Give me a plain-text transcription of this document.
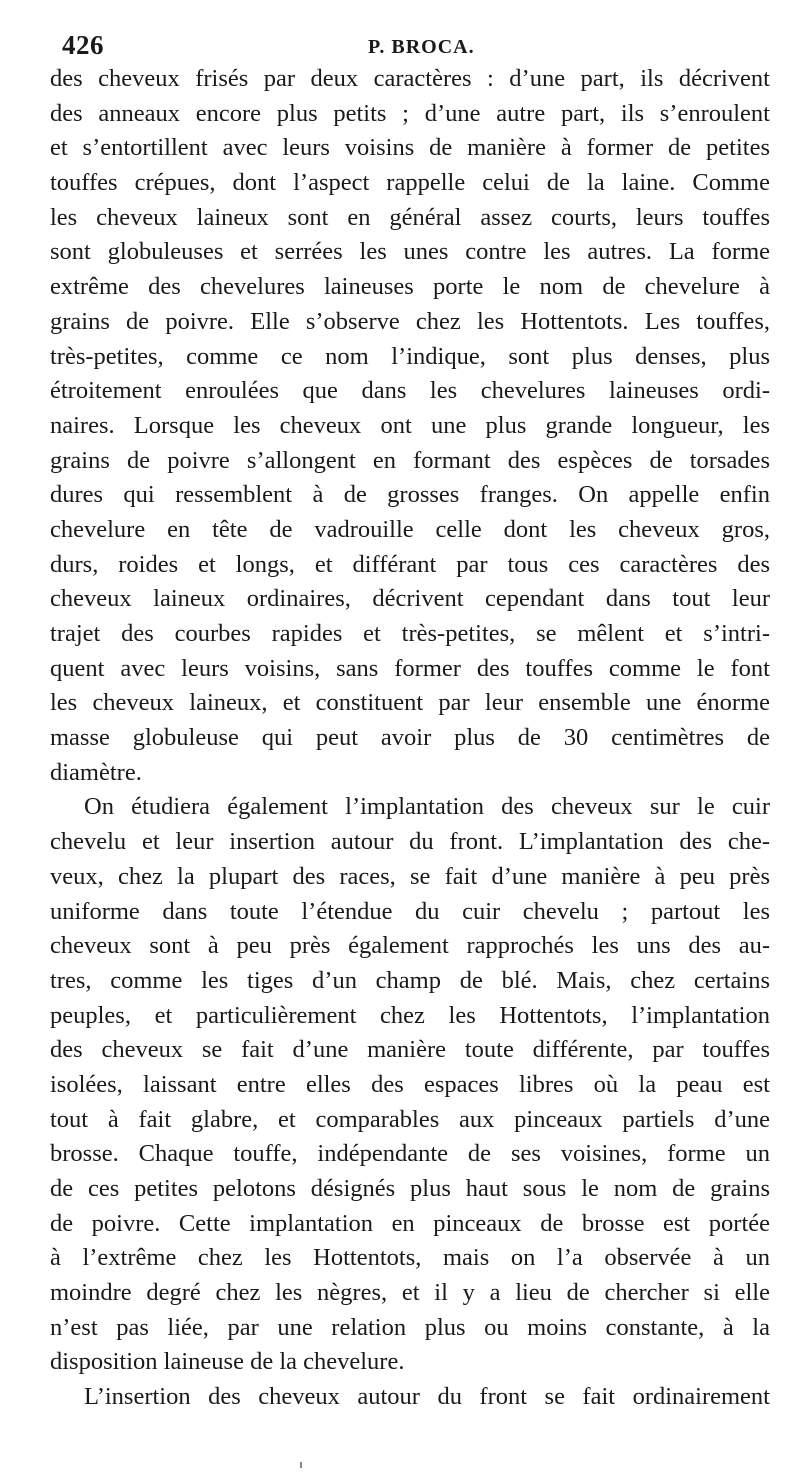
426	P. BROCA.
des cheveux frisés par deux caractères : d’une part, ils décrivent
des anneaux encore plus petits ; d’une autre part, ils s’enroulent
et s’entortillent avec leurs voisins de manière à former de petites
touffes crépues, dont l’aspect rappelle celui de la laine. Comme
les cheveux laineux sont en général assez courts, leurs touffes
sont globuleuses et serrées les unes contre les autres. La forme
extrême des chevelures laineuses porte le nom de chevelure à
grains de poivre. Elle s’observe chez les Hottentots. Les touffes,
très-petites, comme ce nom l’indique, sont plus denses, plus
étroitement enroulées que dans les chevelures laineuses ordi-
naires. Lorsque les cheveux ont une plus grande longueur, les
grains de poivre s’allongent en formant des espèces de torsades
dures qui ressemblent à de grosses franges. On appelle enfin
chevelure en tête de vadrouille celle dont les cheveux gros,
durs, roides et longs, et différant par tous ces caractères des
cheveux laineux ordinaires, décrivent cependant dans tout leur
trajet des courbes rapides et très-petites, se mêlent et s’intri-
quent avec leurs voisins, sans former des touffes comme le font
les cheveux laineux, et constituent par leur ensemble une énorme
masse globuleuse qui peut avoir plus de 30 centimètres de
diamètre.
On étudiera également l’implantation des cheveux sur le cuir
chevelu et leur insertion autour du front. L’implantation des che-
veux, chez la plupart des races, se fait d’une manière à peu près
uniforme dans toute l’étendue du cuir chevelu ; partout les
cheveux sont à peu près également rapprochés les uns des au-
tres, comme les tiges d’un champ de blé. Mais, chez certains
peuples, et particulièrement chez les Hottentots, l’implantation
des cheveux se fait d’une manière toute différente, par touffes
isolées, laissant entre elles des espaces libres où la peau est
tout à fait glabre, et comparables aux pinceaux partiels d’une
brosse. Chaque touffe, indépendante de ses voisines, forme un
de ces petites pelotons désignés plus haut sous le nom de grains
de poivre. Cette implantation en pinceaux de brosse est portée
à l’extrême chez les Hottentots, mais on l’a observée à un
moindre degré chez les nègres, et il y a lieu de chercher si elle
n’est pas liée, par une relation plus ou moins constante, à la
disposition laineuse de la chevelure.
L’insertion des cheveux autour du front se fait ordinairement
